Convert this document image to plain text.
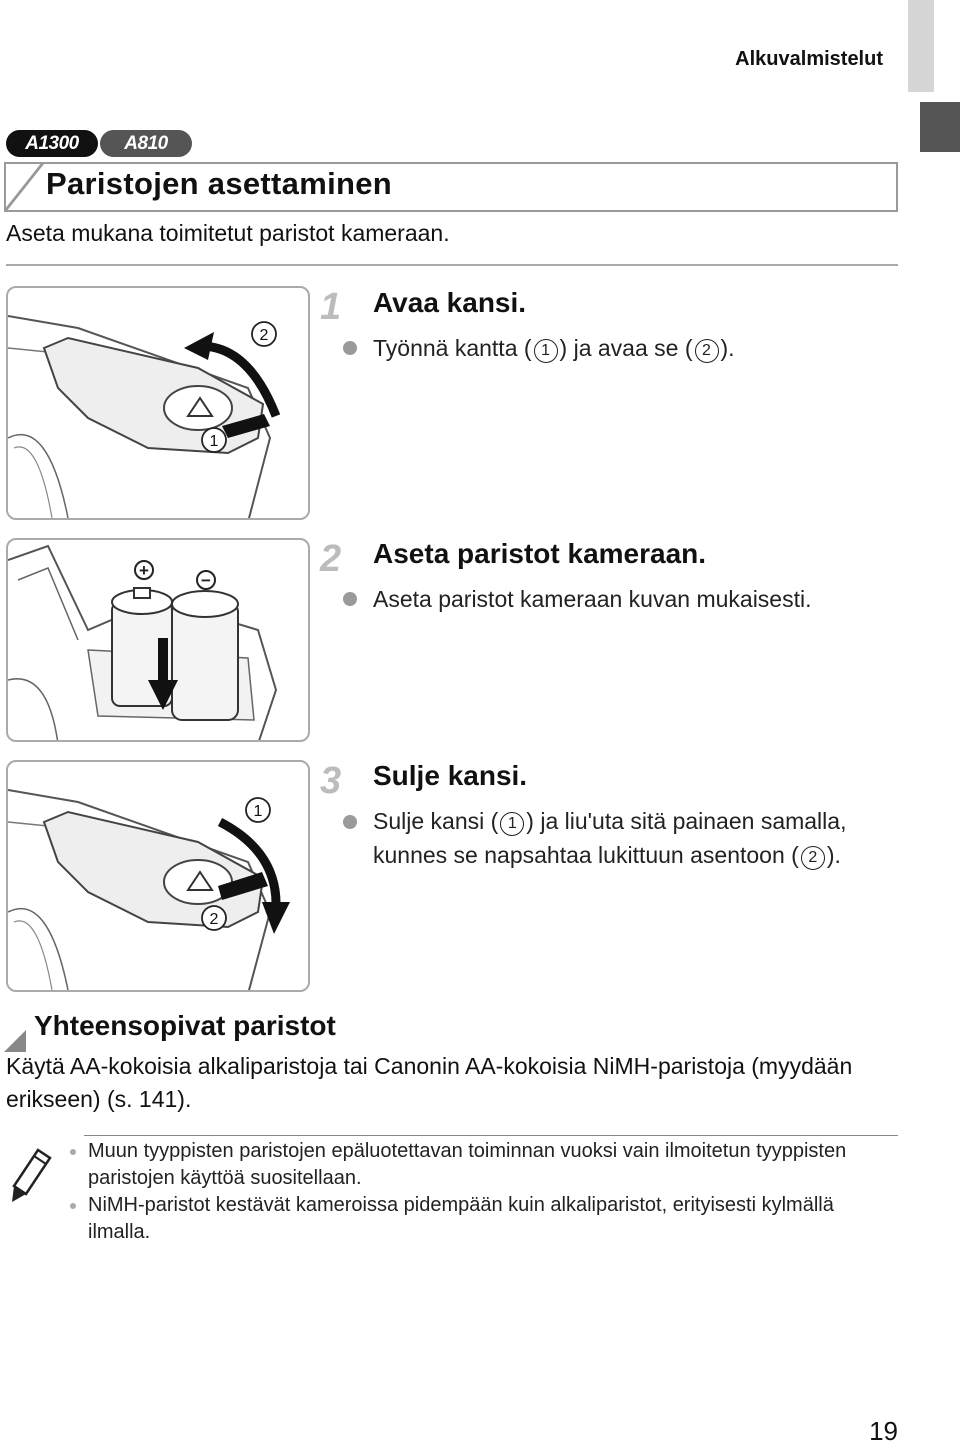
Alkuvalmistelut
A1300	A810
Paristojen asettaminen
Aseta mukana toimitetut paristot kameraan.
2
1
1 Avaa kansi.
Työnnä kantta ( 1 ) ja avaa se ( 2 ).
+
−
2 Aseta paristot kameraan.
Aseta paristot kameraan kuvan mukaisesti.
1
2
3 Sulje kansi.
Sulje kansi ( 1 ) ja liu'uta sitä painaen samalla, kunnes se napsahtaa lukittuun asentoon ( 2 ).
Yhteensopivat paristot
Käytä AA-kokoisia alkaliparistoja tai Canonin AA-kokoisia NiMH-paristoja (myydään erikseen) (s. 141).
Muun tyyppisten paristojen epäluotettavan toiminnan vuoksi vain ilmoitetun tyyppisten paristojen käyttöä suositellaan.
NiMH-paristot kestävät kameroissa pidempään kuin alkaliparistot, erityisesti kylmällä ilmalla.
19
